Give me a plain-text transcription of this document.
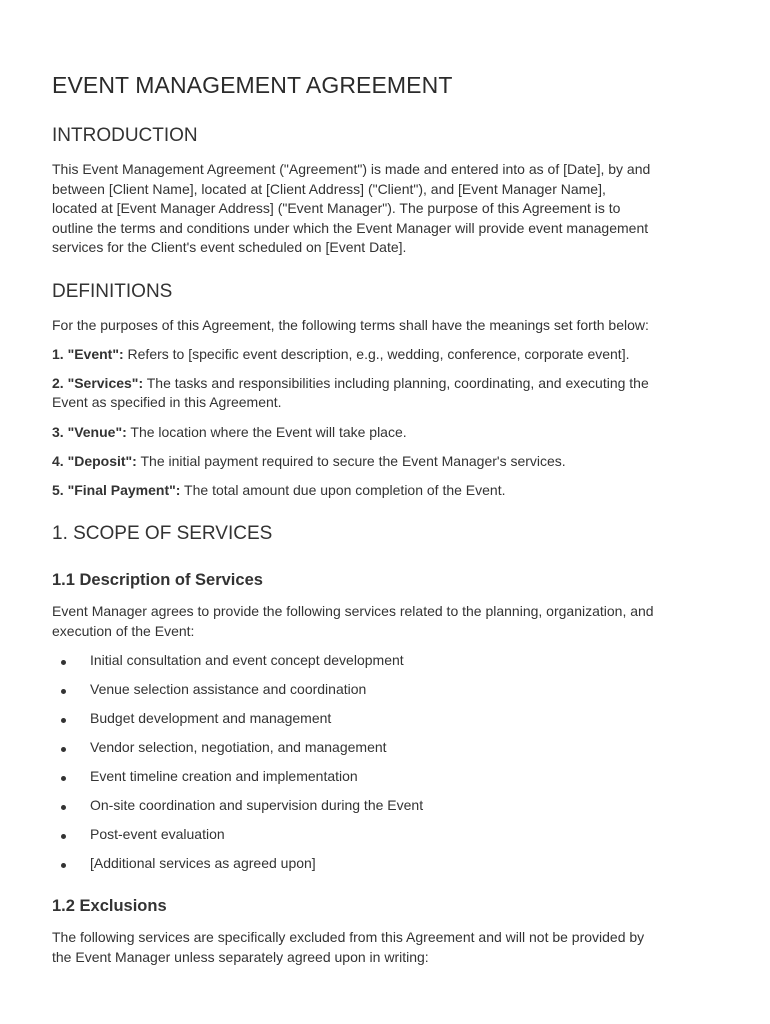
EVENT MANAGEMENT AGREEMENT
INTRODUCTION
This Event Management Agreement ("Agreement") is made and entered into as of [Date], by and
between [Client Name], located at [Client Address] ("Client"), and [Event Manager Name],
located at [Event Manager Address] ("Event Manager"). The purpose of this Agreement is to
outline the terms and conditions under which the Event Manager will provide event management
services for the Client's event scheduled on [Event Date].
DEFINITIONS
For the purposes of this Agreement, the following terms shall have the meanings set forth below:
1. "Event": Refers to [specific event description, e.g., wedding, conference, corporate event].
2. "Services": The tasks and responsibilities including planning, coordinating, and executing the
Event as specified in this Agreement.
3. "Venue": The location where the Event will take place.
4. "Deposit": The initial payment required to secure the Event Manager's services.
5. "Final Payment": The total amount due upon completion of the Event.
1. SCOPE OF SERVICES
1.1 Description of Services
Event Manager agrees to provide the following services related to the planning, organization, and
execution of the Event:
Initial consultation and event concept development
Venue selection assistance and coordination
Budget development and management
Vendor selection, negotiation, and management
Event timeline creation and implementation
On-site coordination and supervision during the Event
Post-event evaluation
[Additional services as agreed upon]
1.2 Exclusions
The following services are specifically excluded from this Agreement and will not be provided by
the Event Manager unless separately agreed upon in writing:
